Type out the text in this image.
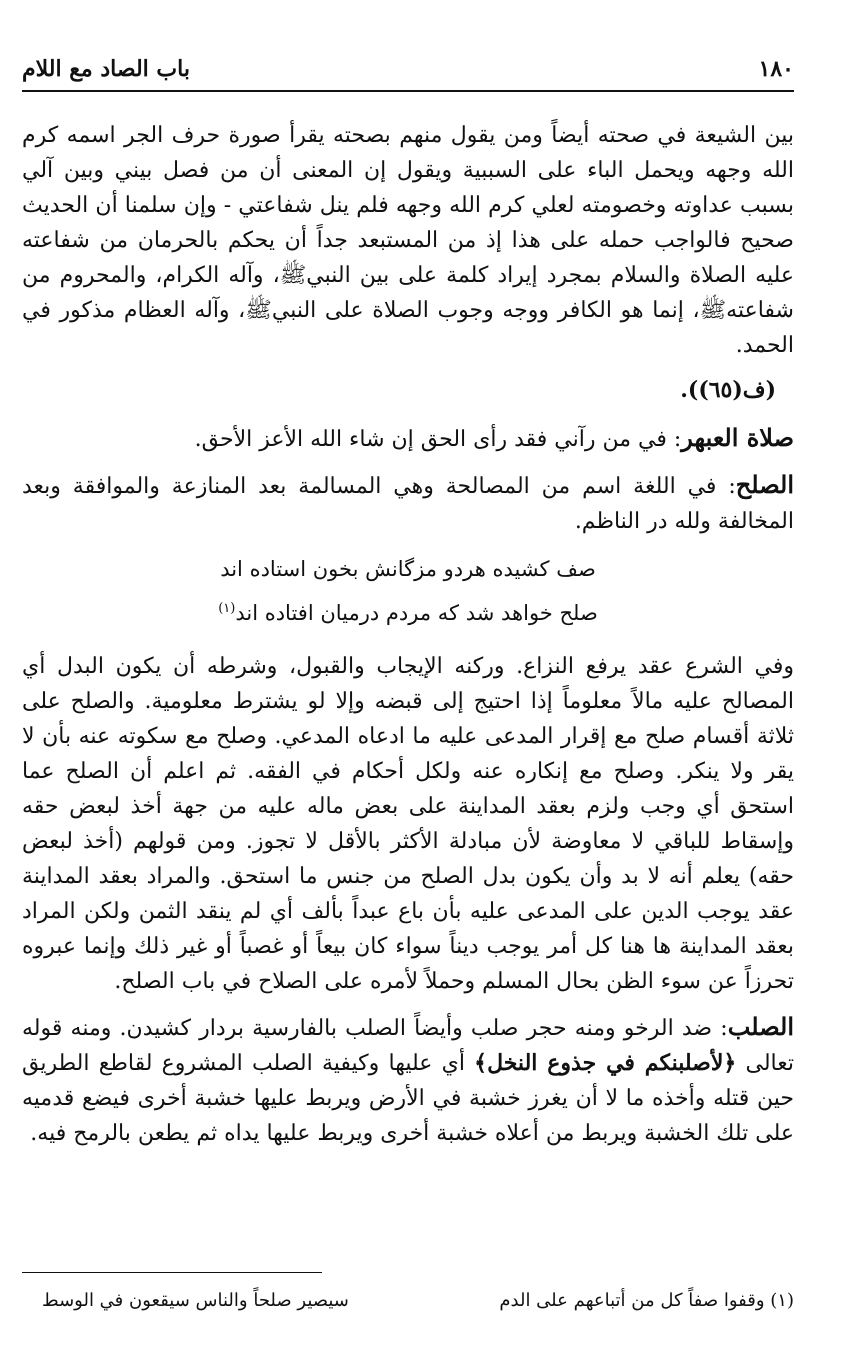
١٨٠
باب الصاد مع اللام

بين الشيعة في صحته أيضاً ومن يقول منهم بصحته يقرأ صورة حرف الجر اسمه كرم الله وجهه ويحمل الباء على السببية ويقول إن المعنى أن من فصل بيني وبين آلي بسبب عداوته وخصومته لعلي كرم الله وجهه فلم ينل شفاعتي - وإن سلمنا أن الحديث صحيح فالواجب حمله على هذا إذ من المستبعد جداً أن يحكم بالحرمان من شفاعته عليه الصلاة والسلام بمجرد إيراد كلمة على بين النبيﷺ، وآله الكرام، والمحروم من شفاعتهﷺ، إنما هو الكافر ووجه وجوب الصلاة على النبيﷺ، وآله العظام مذكور في الحمد.

(ف(٦٥)).

صلاة العبهر: في من رآني فقد رأى الحق إن شاء الله الأعز الأحق.

الصلح: في اللغة اسم من المصالحة وهي المسالمة بعد المنازعة والموافقة وبعد المخالفة ولله در الناظم.

صف كشيده هردو مزگانش بخون استاده اند
صلح خواهد شد كه مردم درميان افتاده اند$^{(١)}$

وفي الشرع عقد يرفع النزاع. وركنه الإيجاب والقبول، وشرطه أن يكون البدل أي المصالح عليه مالاً معلوماً إذا احتيج إلى قبضه وإلا لو يشترط معلومية. والصلح على ثلاثة أقسام صلح مع إقرار المدعى عليه ما ادعاه المدعي. وصلح مع سكوته عنه بأن لا يقر ولا ينكر. وصلح مع إنكاره عنه ولكل أحكام في الفقه. ثم اعلم أن الصلح عما استحق أي وجب ولزم بعقد المداينة على بعض ماله عليه من جهة أخذ لبعض حقه وإسقاط للباقي لا معاوضة لأن مبادلة الأكثر بالأقل لا تجوز. ومن قولهم (أخذ لبعض حقه) يعلم أنه لا بد وأن يكون بدل الصلح من جنس ما استحق. والمراد بعقد المداينة عقد يوجب الدين على المدعى عليه بأن باع عبداً بألف أي لم ينقد الثمن ولكن المراد بعقد المداينة ها هنا كل أمر يوجب ديناً سواء كان بيعاً أو غصباً أو غير ذلك وإنما عبروه تحرزاً عن سوء الظن بحال المسلم وحملاً لأمره على الصلاح في باب الصلح.

الصلب: ضد الرخو ومنه حجر صلب وأيضاً الصلب بالفارسية بردار كشيدن. ومنه قوله تعالى ﴿لأصلبنكم في جذوع النخل﴾ أي عليها وكيفية الصلب المشروع لقاطع الطريق حين قتله وأخذه ما لا أن يغرز خشبة في الأرض ويربط عليها خشبة أخرى فيضع قدميه على تلك الخشبة ويربط من أعلاه خشبة أخرى ويربط عليها يداه ثم يطعن بالرمح فيه.

(١) وقفوا صفاً كل من أتباعهم على الدم
سيصير صلحاً والناس سيقعون في الوسط
